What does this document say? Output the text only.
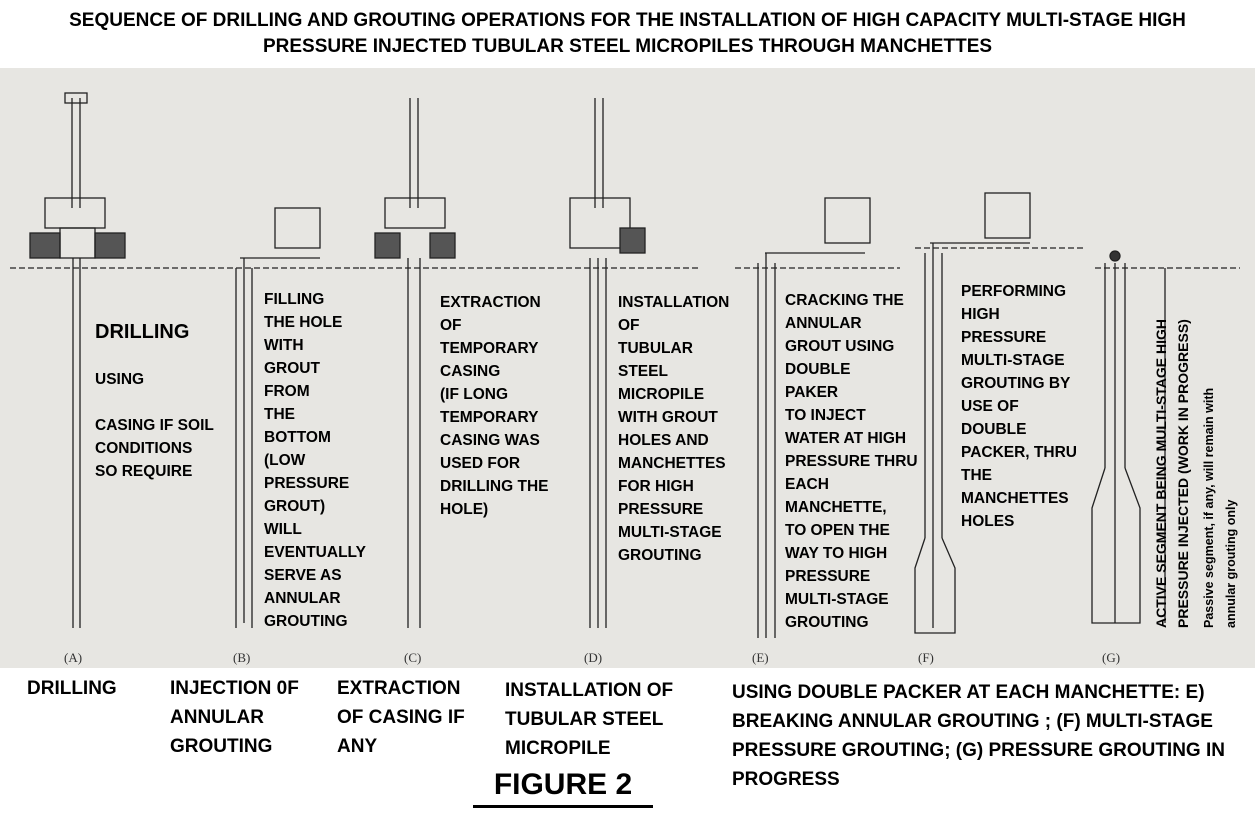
SEQUENCE OF DRILLING AND GROUTING OPERATIONS FOR THE INSTALLATION OF HIGH CAPACITY MULTI-STAGE HIGH
PRESSURE INJECTED TUBULAR STEEL MICROPILES THROUGH MANCHETTES

DRILLING

USING

CASING IF SOIL
CONDITIONS
SO REQUIRE

FILLING
THE HOLE
WITH
GROUT
FROM
THE
BOTTOM
(LOW
PRESSURE
GROUT)
WILL
EVENTUALLY
SERVE AS
ANNULAR
GROUTING
EXTRACTION
OF
TEMPORARY
CASING
(IF LONG
TEMPORARY
CASING WAS
USED FOR
DRILLING THE
HOLE)
INSTALLATION
OF
TUBULAR
STEEL
MICROPILE
WITH GROUT
HOLES AND
MANCHETTES
FOR HIGH
PRESSURE
MULTI-STAGE
GROUTING
CRACKING THE
ANNULAR
GROUT USING
DOUBLE
PAKER
TO INJECT
WATER AT HIGH
PRESSURE THRU
EACH
MANCHETTE,
TO OPEN THE
WAY TO HIGH
PRESSURE
MULTI-STAGE
GROUTING
PERFORMING
HIGH
PRESSURE
MULTI-STAGE
GROUTING BY
USE OF
DOUBLE
PACKER, THRU
THE
MANCHETTES
HOLES
(A)	(B)	(C)	(D)	(E)	(F)	(G)
ACTIVE SEGMENT BEING MULTI-STAGE HIGH PRESSURE INJECTED (WORK IN PROGRESS) Passive segment, if any, will remain with annular grouting only
DRILLING	INJECTION 0F
ANNULAR
GROUTING
EXTRACTION
OF CASING IF
ANY
INSTALLATION OF
TUBULAR STEEL
MICROPILE
USING DOUBLE PACKER AT EACH MANCHETTE: E)
BREAKING ANNULAR GROUTING ; (F) MULTI-STAGE
PRESSURE GROUTING; (G) PRESSURE GROUTING IN
PROGRESS
FIGURE 2
